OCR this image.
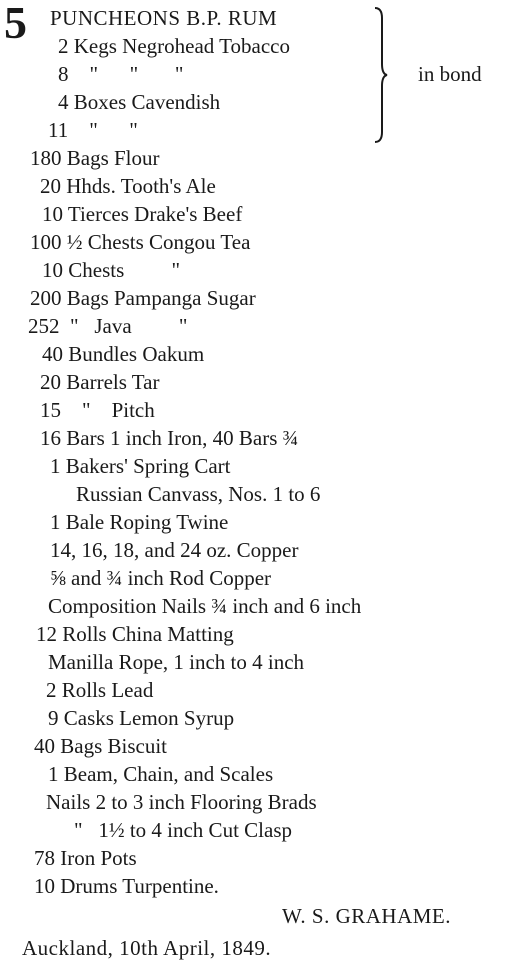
5
in bond
PUNCHEONS B.P. RUM
2 Kegs Negrohead Tobacco
8    "      "       "
4 Boxes Cavendish
11    "      "
180 Bags Flour
20 Hhds. Tooth's Ale
10 Tierces Drake's Beef
100 ½ Chests Congou Tea
10 Chests         "
200 Bags Pampanga Sugar
252  "   Java         "
40 Bundles Oakum
20 Barrels Tar
15    "    Pitch
16 Bars 1 inch Iron, 40 Bars ¾
1 Bakers' Spring Cart
Russian Canvass, Nos. 1 to 6
1 Bale Roping Twine
14, 16, 18, and 24 oz. Copper
⅝ and ¾ inch Rod Copper
Composition Nails ¾ inch and 6 inch
12 Rolls China Matting
Manilla Rope, 1 inch to 4 inch
2 Rolls Lead
9 Casks Lemon Syrup
40 Bags Biscuit
1 Beam, Chain, and Scales
Nails 2 to 3 inch Flooring Brads
"   1½ to 4 inch Cut Clasp
78 Iron Pots
10 Drums Turpentine.
W. S. GRAHAME.
Auckland, 10th April, 1849.
